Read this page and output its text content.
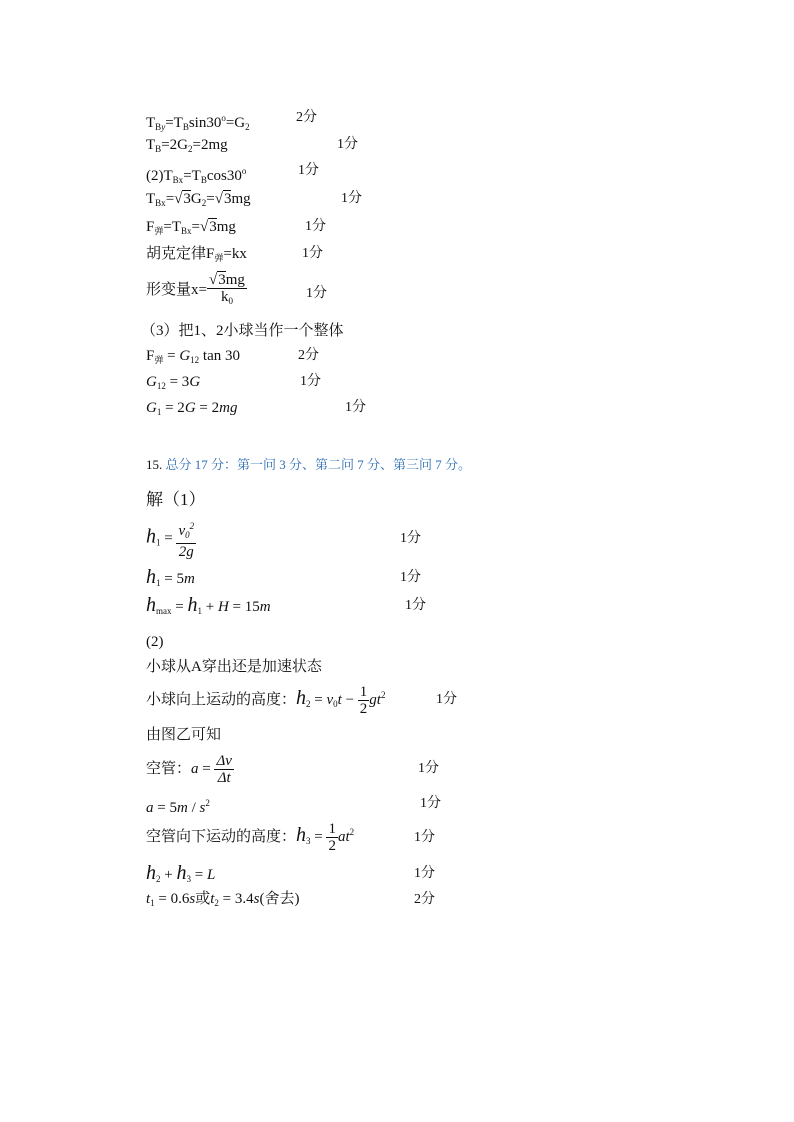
$T_{By}=T_B\sin 30^o=G_2$
2分
$T_B=2G_2=2mg$	1分
$(2)T_{Bx}=T_B\cos 30^o$	1分
$T_{Bx}=√3G_2=√3mg$	1分
$F_弹=T_{Bx}=√3mg$	1分
胡克定律$F_弹=kx$	1分
形变量$x= \frac{√3mg}{k_0}$	1分
（3）把1、2小球当作一个整体
$F_弹 = G_{12}$ tan 30	2分
$G_{12} = 3G$	1分
$G_1 = 2G = 2mg$	1分
15. 总分 17 分：第一问 3 分、第二问 7 分、第三问 7 分。
解（1）
$h_1 = \frac{v_0^2}{2g}$	1分
$h_1 = 5m$	1分
$h_{max} = h_1 + H = 15m$	1分
(2)
小球从A穿出还是加速状态
小球向上运动的高度：$h_2 = v_0t - \frac{1}{2} gt^2$	1分
由图乙可知
空管：$a = \frac{\Delta v}{\Delta t}$	1分
$a = 5m / s^2$	1分
空管向下运动的高度：$h_3 = \frac{1}{2} at^2$	1分
$h_2 + h_3 = L$	1分
$t_1 = 0.6s$或$t_2 = 3.4s$(舍去)	2分
